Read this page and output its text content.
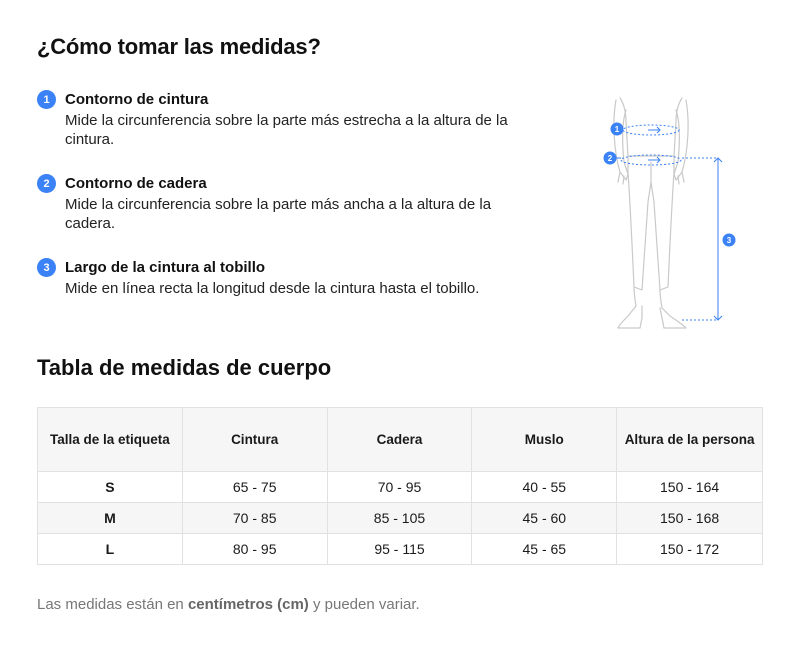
¿Cómo tomar las medidas?
1	Contorno de cintura
Mide la circunferencia sobre la parte más estrecha a la altura de la cintura.
2	Contorno de cadera
Mide la circunferencia sobre la parte más ancha a la altura de la cadera.
3	Largo de la cintura al tobillo
Mide en línea recta la longitud desde la cintura hasta el tobillo.
1
2
3
Tabla de medidas de cuerpo
Talla de la etiqueta	Cintura	Cadera	Muslo	Altura de la persona
S	65 - 75	70 - 95	40 - 55	150 - 164
M	70 - 85	85 - 105	45 - 60	150 - 168
L	80 - 95	95 - 115	45 - 65	150 - 172

Las medidas están en centímetros (cm) y pueden variar.
